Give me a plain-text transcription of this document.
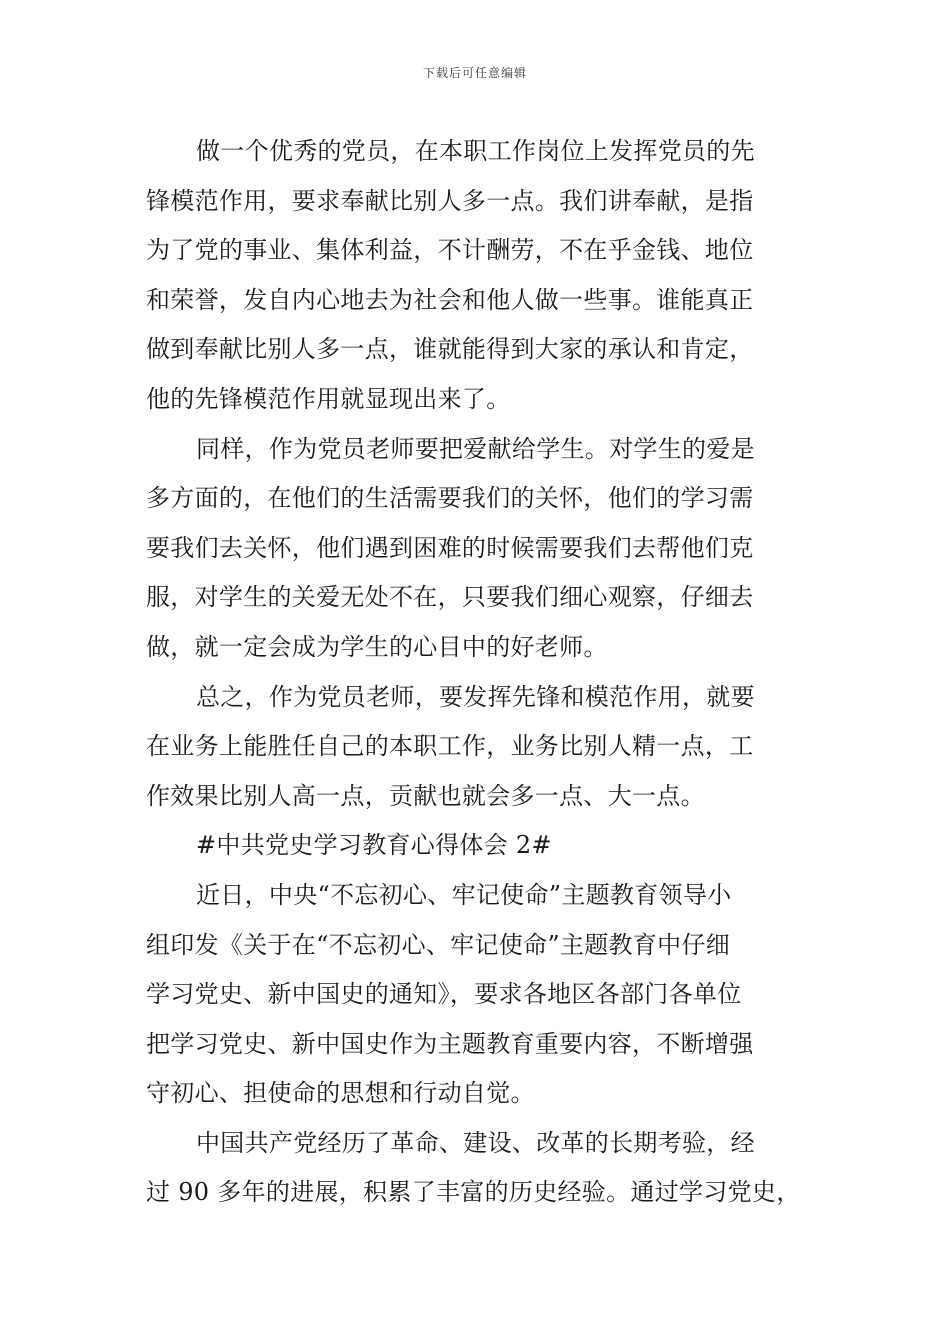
下载后可任意编辑
做一个优秀的党员，在本职工作岗位上发挥党员的先
锋模范作用，要求奉献比别人多一点。我们讲奉献，是指
为了党的事业、集体利益，不计酬劳，不在乎金钱、地位
和荣誉，发自内心地去为社会和他人做一些事。谁能真正
做到奉献比别人多一点，谁就能得到大家的承认和肯定，
他的先锋模范作用就显现出来了。
同样，作为党员老师要把爱献给学生。对学生的爱是
多方面的，在他们的生活需要我们的关怀，他们的学习需
要我们去关怀，他们遇到困难的时候需要我们去帮他们克
服，对学生的关爱无处不在，只要我们细心观察，仔细去
做，就一定会成为学生的心目中的好老师。
总之，作为党员老师，要发挥先锋和模范作用，就要
在业务上能胜任自己的本职工作，业务比别人精一点，工
作效果比别人高一点，贡献也就会多一点、大一点。
#中共党史学习教育心得体会 2#
近日，中央“不忘初心、牢记使命”主题教育领导小
组印发《关于在“不忘初心、牢记使命”主题教育中仔细
学习党史、新中国史的通知》，要求各地区各部门各单位
把学习党史、新中国史作为主题教育重要内容，不断增强
守初心、担使命的思想和行动自觉。
中国共产党经历了革命、建设、改革的长期考验，经
过 90 多年的进展，积累了丰富的历史经验。通过学习党史，
